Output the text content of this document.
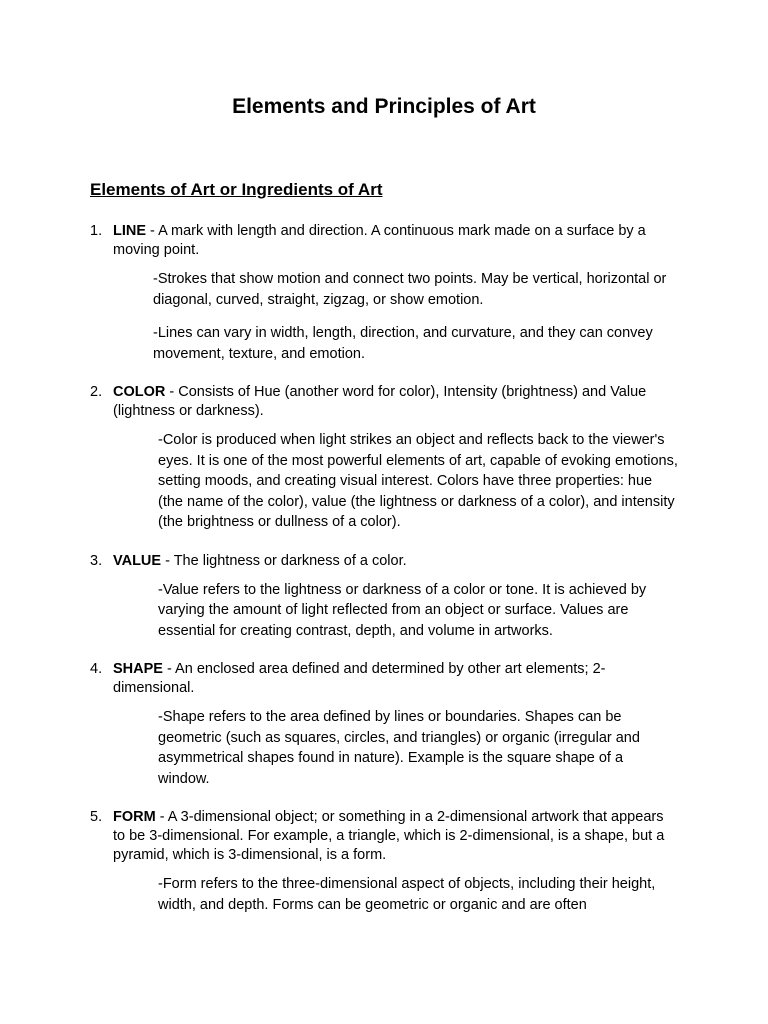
Elements and Principles of Art
Elements of Art or Ingredients of Art
1. LINE - A mark with length and direction. A continuous mark made on a surface by a moving point.

-Strokes that show motion and connect two points. May be vertical, horizontal or diagonal, curved, straight, zigzag, or show emotion.

-Lines can vary in width, length, direction, and curvature, and they can convey movement, texture, and emotion.

2. COLOR - Consists of Hue (another word for color), Intensity (brightness) and Value (lightness or darkness).

-Color is produced when light strikes an object and reflects back to the viewer's eyes. It is one of the most powerful elements of art, capable of evoking emotions, setting moods, and creating visual interest. Colors have three properties: hue (the name of the color), value (the lightness or darkness of a color), and intensity (the brightness or dullness of a color).

3. VALUE - The lightness or darkness of a color.

-Value refers to the lightness or darkness of a color or tone. It is achieved by varying the amount of light reflected from an object or surface. Values are essential for creating contrast, depth, and volume in artworks.

4. SHAPE - An enclosed area defined and determined by other art elements; 2-dimensional.

-Shape refers to the area defined by lines or boundaries. Shapes can be geometric (such as squares, circles, and triangles) or organic (irregular and asymmetrical shapes found in nature). Example is the square shape of a window.

5. FORM - A 3-dimensional object; or something in a 2-dimensional artwork that appears to be 3-dimensional. For example, a triangle, which is 2-dimensional, is a shape, but a pyramid, which is 3-dimensional, is a form.

-Form refers to the three-dimensional aspect of objects, including their height, width, and depth. Forms can be geometric or organic and are often
